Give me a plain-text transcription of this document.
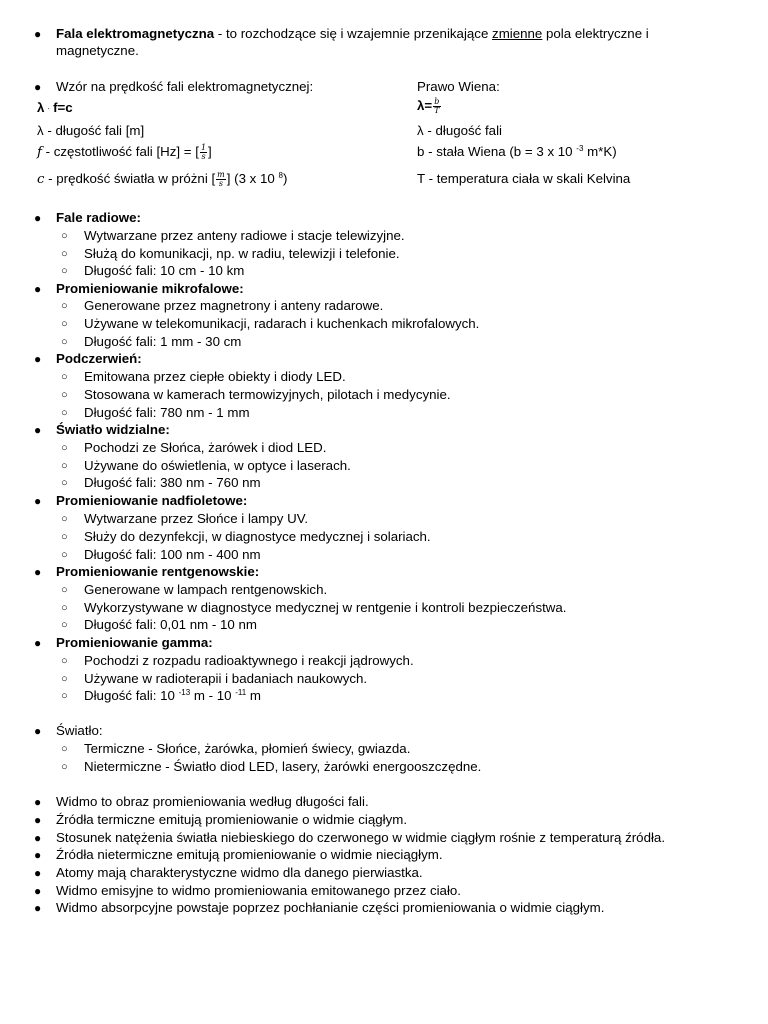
● Fala elektromagnetyczna - to rozchodzące się i wzajemnie przenikające zmienne pola elektryczne i
magnetyczne.
● Wzór na prędkość fali elektromagnetycznej:
λ · f=c
λ - długość fali [m]
f - częstotliwość fali [Hz] = [ $\frac{1}{s}$ ]
c - prędkość światła w próżni [ $\frac{m}{s}$ ] (3 x 10 $^8$)
Prawo Wiena:
$\lambda= \frac{b}{T}$
λ - długość fali
b - stała Wiena (b = 3 x 10 $^{-3}$ m*K)
T - temperatura ciała w skali Kelvina
● Fale radiowe:
○ Wytwarzane przez anteny radiowe i stacje telewizyjne.
○ Służą do komunikacji, np. w radiu, telewizji i telefonie.
○ Długość fali: 10 cm - 10 km
● Promieniowanie mikrofalowe:
○ Generowane przez magnetrony i anteny radarowe.
○ Używane w telekomunikacji, radarach i kuchenkach mikrofalowych.
○ Długość fali: 1 mm - 30 cm
● Podczerwień:
○ Emitowana przez ciepłe obiekty i diody LED.
○ Stosowana w kamerach termowizyjnych, pilotach i medycynie.
○ Długość fali: 780 nm - 1 mm
● Światło widzialne:
○ Pochodzi ze Słońca, żarówek i diod LED.
○ Używane do oświetlenia, w optyce i laserach.
○ Długość fali: 380 nm - 760 nm
● Promieniowanie nadfioletowe:
○ Wytwarzane przez Słońce i lampy UV.
○ Służy do dezynfekcji, w diagnostyce medycznej i solariach.
○ Długość fali: 100 nm - 400 nm
● Promieniowanie rentgenowskie:
○ Generowane w lampach rentgenowskich.
○ Wykorzystywane w diagnostyce medycznej w rentgenie i kontroli bezpieczeństwa.
○ Długość fali: 0,01 nm - 10 nm
● Promieniowanie gamma:
○ Pochodzi z rozpadu radioaktywnego i reakcji jądrowych.
○ Używane w radioterapii i badaniach naukowych.
○ Długość fali: 10 $^{-13}$ m - 10 $^{-11}$ m
● Światło:
○ Termiczne - Słońce, żarówka, płomień świecy, gwiazda.
○ Nietermiczne - Światło diod LED, lasery, żarówki energooszczędne.
● Widmo to obraz promieniowania według długości fali.
● Źródła termiczne emitują promieniowanie o widmie ciągłym.
● Stosunek natężenia światła niebieskiego do czerwonego w widmie ciągłym rośnie z temperaturą źródła.
● Źródła nietermiczne emitują promieniowanie o widmie nieciągłym.
● Atomy mają charakterystyczne widmo dla danego pierwiastka.
● Widmo emisyjne to widmo promieniowania emitowanego przez ciało.
● Widmo absorpcyjne powstaje poprzez pochłanianie części promieniowania o widmie ciągłym.
